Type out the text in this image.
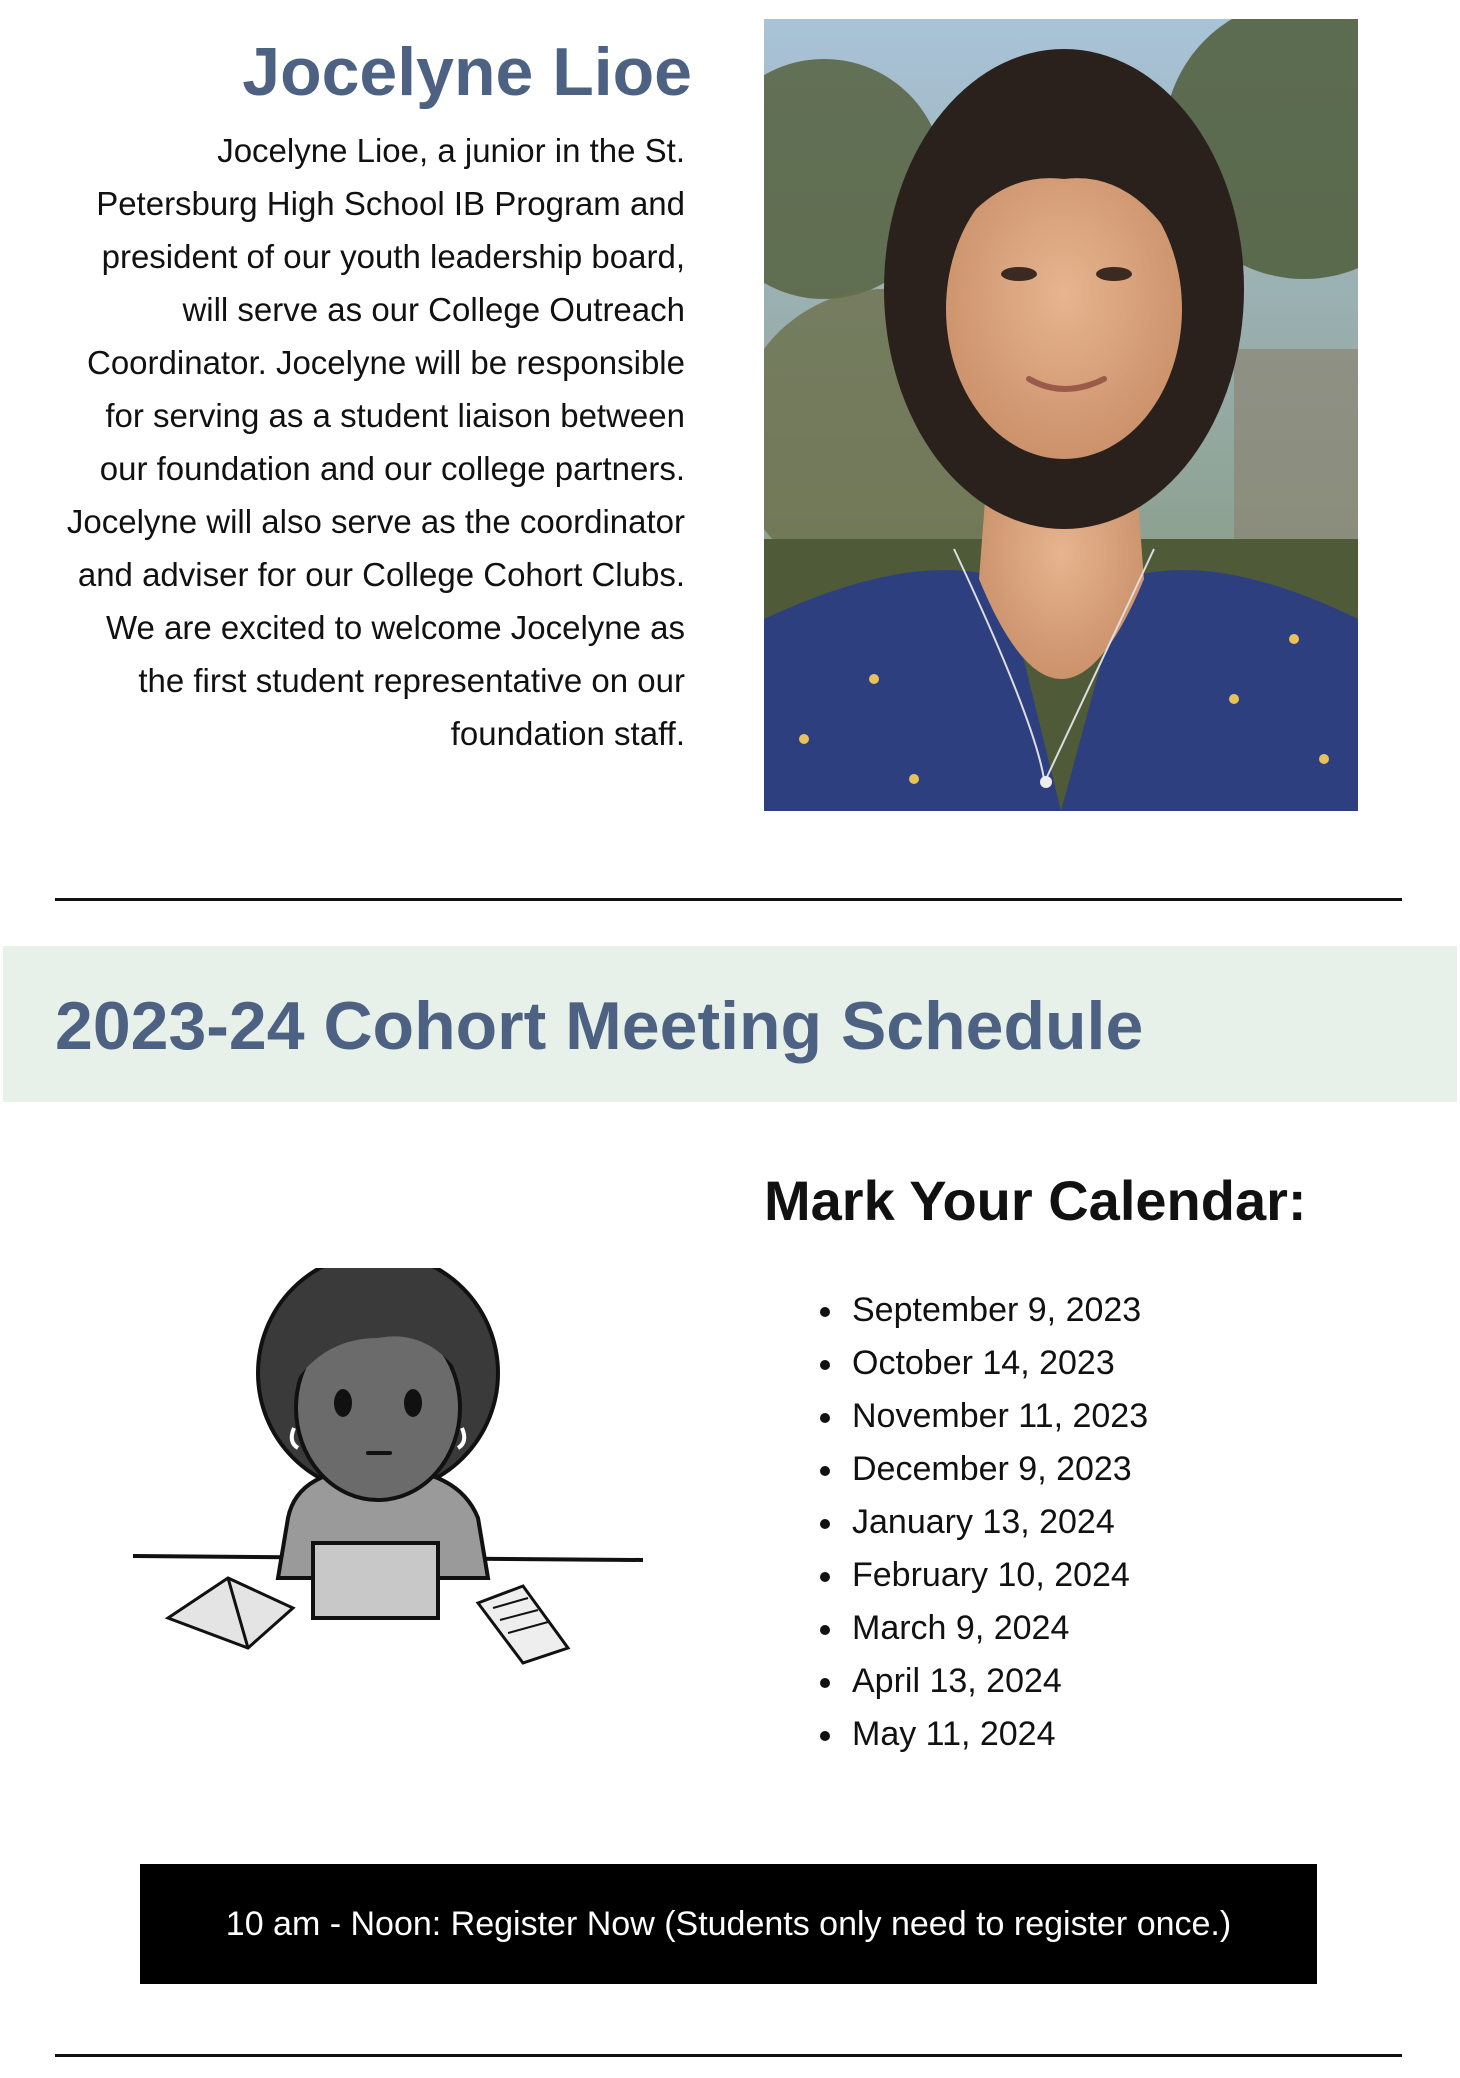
Jocelyne Lioe

Jocelyne Lioe, a junior in the St. Petersburg High School IB Program and president of our youth leadership board, will serve as our College Outreach Coordinator. Jocelyne will be responsible for serving as a student liaison between our foundation and our college partners. Jocelyne will also serve as the coordinator and adviser for our College Cohort Clubs. We are excited to welcome Jocelyne as the first student representative on our foundation staff.

2023-24 Cohort Meeting Schedule
Mark Your Calendar:
September 9, 2023
October 14, 2023
November 11, 2023
December 9, 2023
January 13, 2024
February 10, 2024
March 9, 2024
April 13, 2024
May 11, 2024
10 am - Noon: Register Now (Students only need to register once.)
